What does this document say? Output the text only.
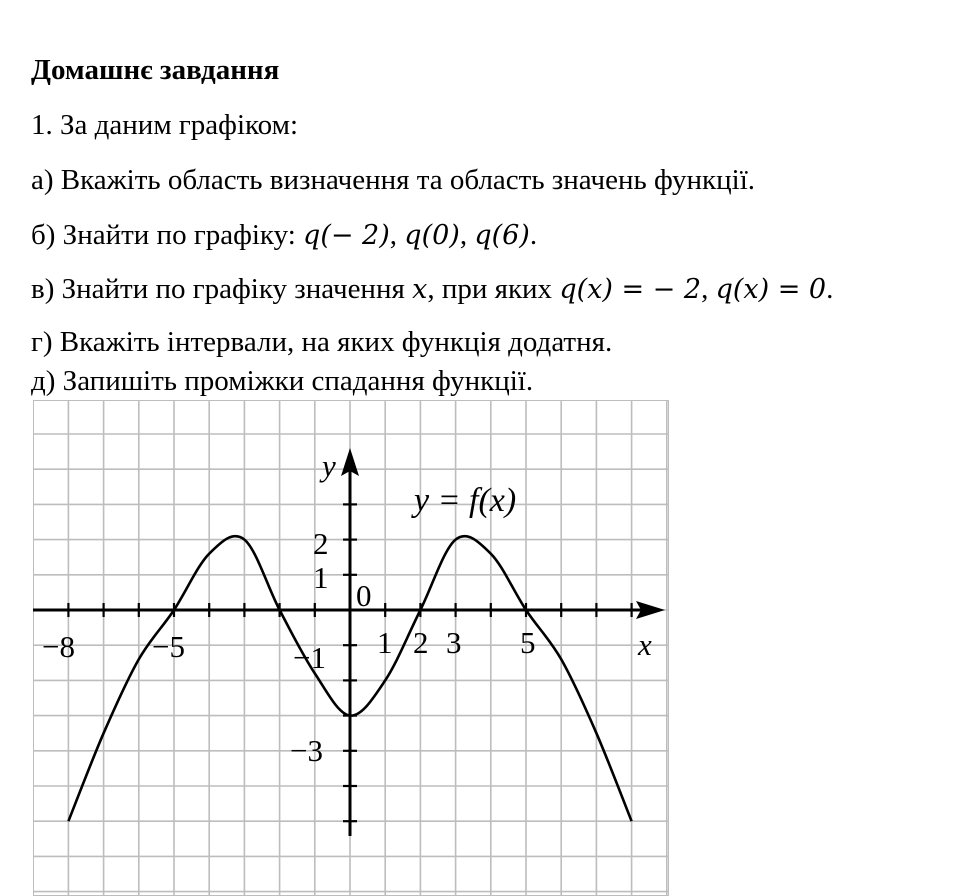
Домашнє завдання
1. За даним графіком:
а) Вкажіть область визначення та область значень функції.
б) Знайти по графіку: q(− 2), q(0), q(6).
в) Знайти по графіку значення x, при яких q(x) = − 2, q(x) = 0.
г) Вкажіть інтервали, на яких функція додатня.
д) Запишіть проміжки спадання функції.
y
x
y = f(x)
0
−8 −5	1 2 3 5
2
1
−1
−3
